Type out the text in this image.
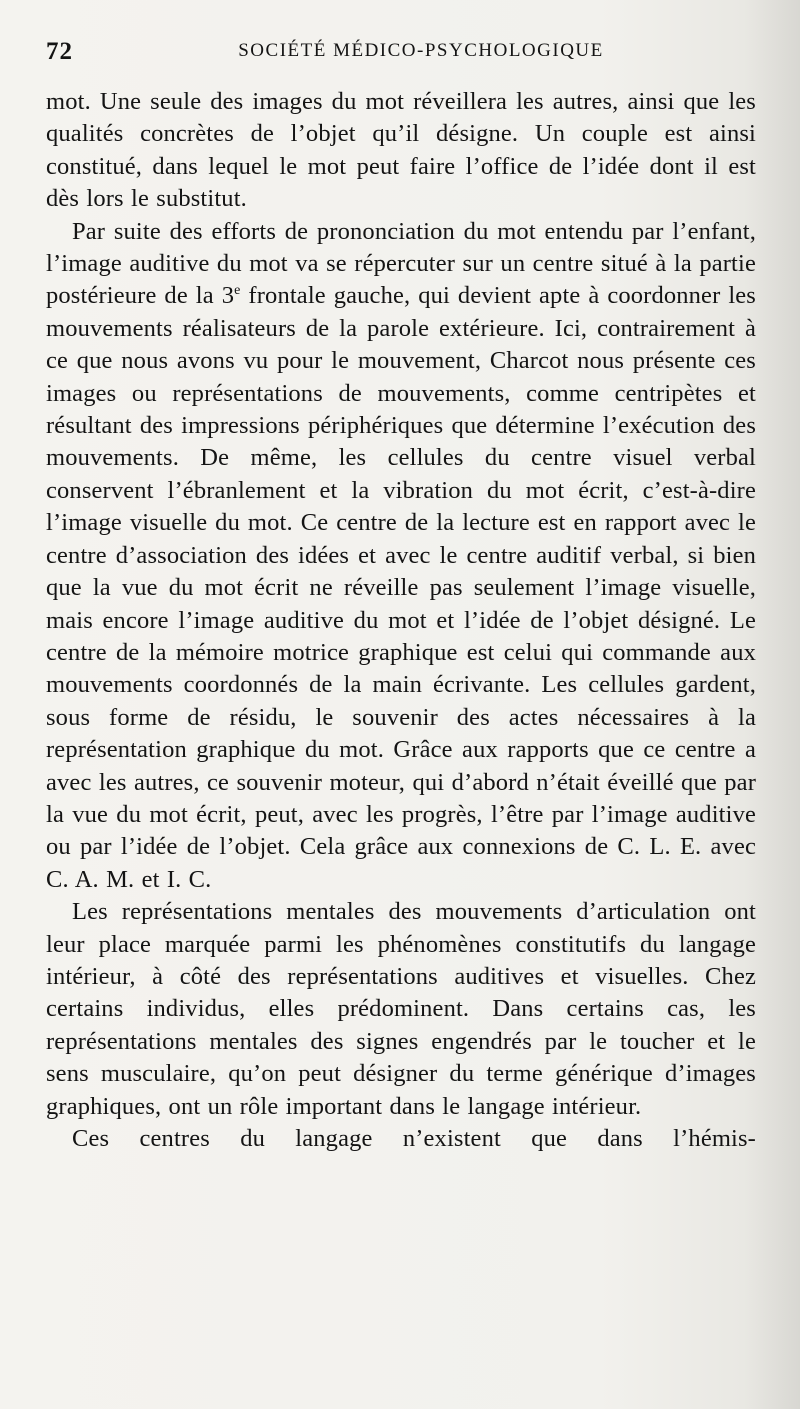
72	SOCIÉTÉ MÉDICO-PSYCHOLOGIQUE

mot. Une seule des images du mot réveillera les autres, ainsi que les qualités concrètes de l’objet qu’il désigne. Un couple est ainsi constitué, dans lequel le mot peut faire l’office de l’idée dont il est dès lors le substitut.

Par suite des efforts de prononciation du mot entendu par l’enfant, l’image auditive du mot va se répercuter sur un centre situé à la partie postérieure de la 3e frontale gauche, qui devient apte à coordonner les mouvements réalisateurs de la parole extérieure. Ici, contrairement à ce que nous avons vu pour le mouvement, Charcot nous présente ces images ou représentations de mouvements, comme centripètes et résultant des impressions périphériques que détermine l’exécution des mouvements. De même, les cellules du centre visuel verbal conservent l’ébranlement et la vibration du mot écrit, c’est-à-dire l’image visuelle du mot. Ce centre de la lecture est en rapport avec le centre d’association des idées et avec le centre auditif verbal, si bien que la vue du mot écrit ne réveille pas seulement l’image visuelle, mais encore l’image auditive du mot et l’idée de l’objet désigné. Le centre de la mémoire motrice graphique est celui qui commande aux mouvements coordonnés de la main écrivante. Les cellules gardent, sous forme de résidu, le souvenir des actes nécessaires à la représentation graphique du mot. Grâce aux rapports que ce centre a avec les autres, ce souvenir moteur, qui d’abord n’était éveillé que par la vue du mot écrit, peut, avec les progrès, l’être par l’image auditive ou par l’idée de l’objet. Cela grâce aux connexions de C. L. E. avec C. A. M. et I. C.

Les représentations mentales des mouvements d’articulation ont leur place marquée parmi les phénomènes constitutifs du langage intérieur, à côté des représentations auditives et visuelles. Chez certains individus, elles prédominent. Dans certains cas, les représentations mentales des signes engendrés par le toucher et le sens musculaire, qu’on peut désigner du terme générique d’images graphiques, ont un rôle important dans le langage intérieur.

Ces centres du langage n’existent que dans l’hémis-
